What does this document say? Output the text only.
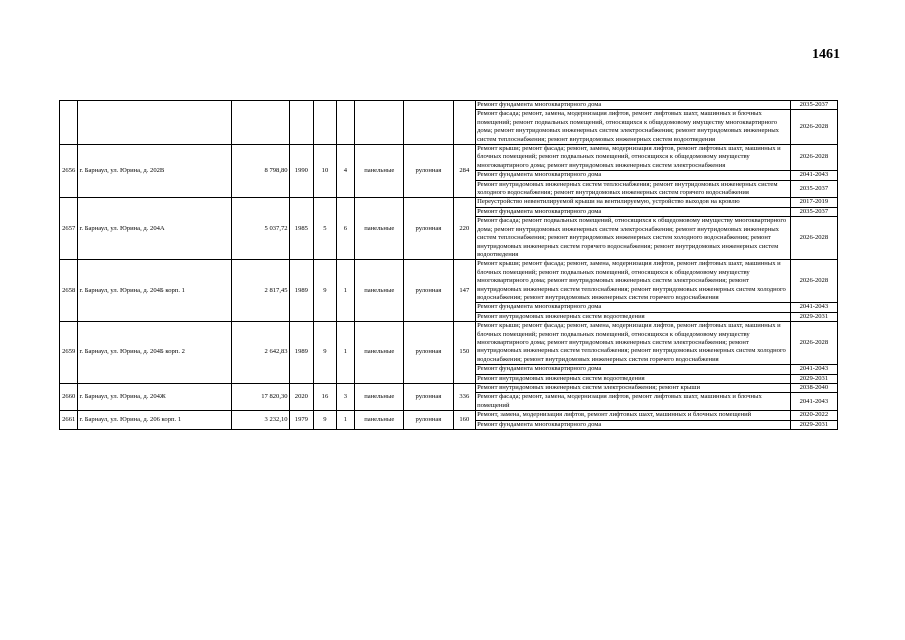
1461
									Ремонт фундамента многоквартирного дома	2035-2037
									Ремонт фасада; ремонт, замена, модернизация лифтов, ремонт лифтовых шахт, машинных и блочных помещений; ремонт подвальных помещений, относящихся к общедомовому имуществу многоквартирного дома; ремонт внутридомовых инженерных систем электроснабжения; ремонт внутридомовых инженерных систем теплоснабжения; ремонт внутридомовых инженерных систем водоотведения	2026-2028
2656	г. Барнаул, ул. Юрина, д. 202В	8 798,80	1990	10	4	панельные	рулонная	284	Ремонт крыши; ремонт фасада; ремонт, замена, модернизация лифтов, ремонт лифтовых шахт, машинных и блочных помещений; ремонт подвальных помещений, относящихся к общедомовому имуществу многоквартирного дома; ремонт внутридомовых инженерных систем электроснабжения	2026-2028
									Ремонт фундамента многоквартирного дома	2041-2043
									Ремонт внутридомовых инженерных систем теплоснабжения; ремонт внутридомовых инженерных систем холодного водоснабжения; ремонт внутридомовых инженерных систем горячего водоснабжения	2035-2037
2657	г. Барнаул, ул. Юрина, д. 204А	5 037,72	1985	5	6	панельные	рулонная	220	Переустройство невентилируемой крыши на вентилируемую, устройство выходов на кровлю	2017-2019
									Ремонт фундамента многоквартирного дома	2035-2037
									Ремонт фасада; ремонт подвальных помещений, относящихся к общедомовому имуществу многоквартирного дома; ремонт внутридомовых инженерных систем электроснабжения; ремонт внутридомовых инженерных систем теплоснабжения; ремонт внутридомовых инженерных систем холодного водоснабжения; ремонт внутридомовых инженерных систем горячего водоснабжения; ремонт внутридомовых инженерных систем водоотведения	2026-2028
2658	г. Барнаул, ул. Юрина, д. 204Б корп. 1	2 817,45	1989	9	1	панельные	рулонная	147	Ремонт крыши; ремонт фасада; ремонт, замена, модернизация лифтов, ремонт лифтовых шахт, машинных и блочных помещений; ремонт подвальных помещений, относящихся к общедомовому имуществу многоквартирного дома; ремонт внутридомовых инженерных систем электроснабжения; ремонт внутридомовых инженерных систем теплоснабжения; ремонт внутридомовых инженерных систем холодного водоснабжения; ремонт внутридомовых инженерных систем горячего водоснабжения	2026-2028
									Ремонт фундамента многоквартирного дома	2041-2043
									Ремонт внутридомовых инженерных систем водоотведения	2029-2031
2659	г. Барнаул, ул. Юрина, д. 204Б корп. 2	2 642,83	1989	9	1	панельные	рулонная	150	Ремонт крыши; ремонт фасада; ремонт, замена, модернизация лифтов, ремонт лифтовых шахт, машинных и блочных помещений; ремонт подвальных помещений, относящихся к общедомовому имуществу многоквартирного дома; ремонт внутридомовых инженерных систем электроснабжения; ремонт внутридомовых инженерных систем теплоснабжения; ремонт внутридомовых инженерных систем холодного водоснабжения; ремонт внутридомовых инженерных систем горячего водоснабжения	2026-2028
									Ремонт фундамента многоквартирного дома	2041-2043
									Ремонт внутридомовых инженерных систем водоотведения	2029-2031
2660	г. Барнаул, ул. Юрина, д. 204Ж	17 820,30	2020	16	3	панельные	рулонная	336	Ремонт внутридомовых инженерных систем электроснабжения; ремонт крыши	2038-2040
									Ремонт фасада; ремонт, замена, модернизация лифтов, ремонт лифтовых шахт, машинных и блочных помещений	2041-2043
2661	г. Барнаул, ул. Юрина, д. 206 корп. 1	3 232,10	1979	9	1	панельные	рулонная	160	Ремонт, замена, модернизация лифтов, ремонт лифтовых шахт, машинных и блочных помещений	2020-2022
									Ремонт фундамента многоквартирного дома	2029-2031
